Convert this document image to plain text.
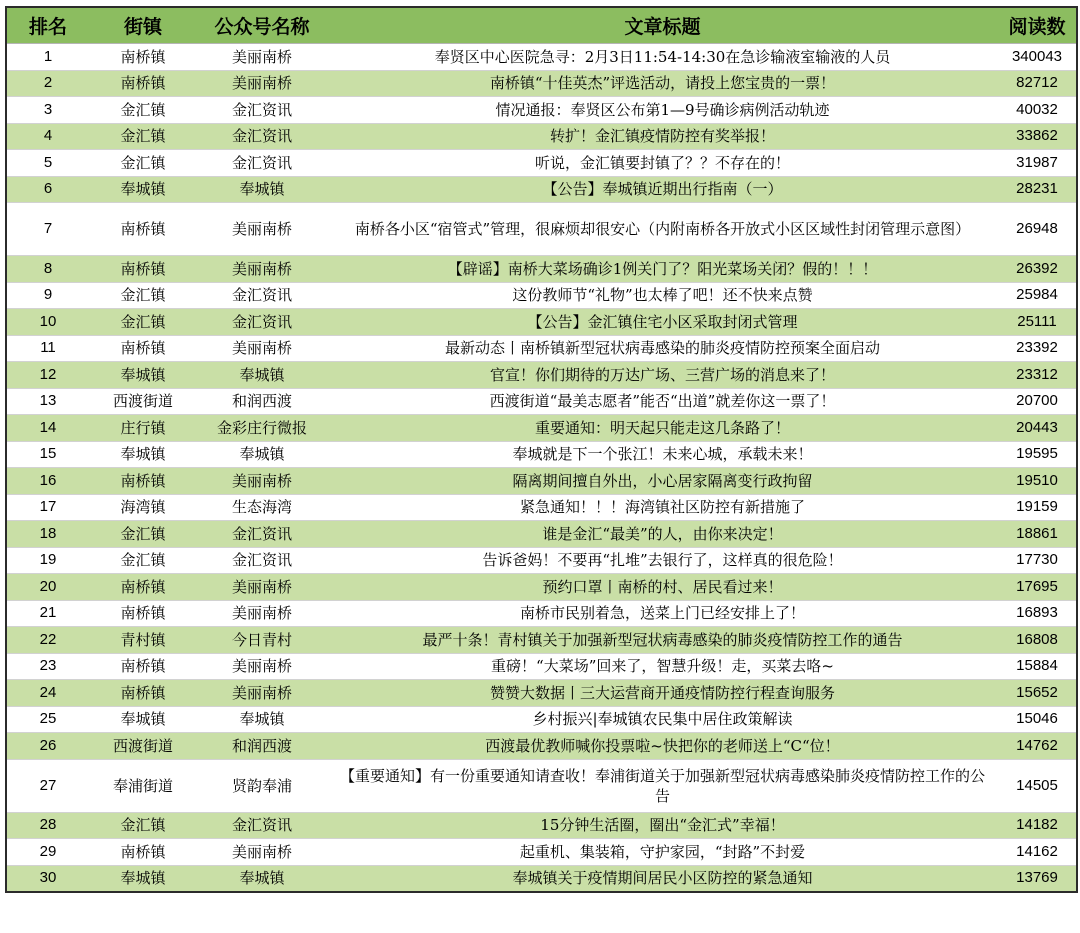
排名	街镇	公众号名称	文章标题	阅读数
1	南桥镇	美丽南桥	奉贤区中心医院急寻：2月3日11:54-14:30在急诊输液室输液的人员	340043
2	南桥镇	美丽南桥	南桥镇“十佳英杰”评选活动，请投上您宝贵的一票！	82712
3	金汇镇	金汇资讯	情况通报：奉贤区公布第1—9号确诊病例活动轨迹	40032
4	金汇镇	金汇资讯	转扩！金汇镇疫情防控有奖举报！	33862
5	金汇镇	金汇资讯	听说，金汇镇要封镇了？？不存在的！	31987
6	奉城镇	奉城镇	【公告】奉城镇近期出行指南（一）	28231
7	南桥镇	美丽南桥	南桥各小区“宿管式”管理，很麻烦却很安心（内附南桥各开放式小区区域性封闭管理示意图）	26948
8	南桥镇	美丽南桥	【辟谣】南桥大菜场确诊1例关门了？阳光菜场关闭？假的！！！	26392
9	金汇镇	金汇资讯	这份教师节“礼物”也太棒了吧！还不快来点赞	25984
10	金汇镇	金汇资讯	【公告】金汇镇住宅小区采取封闭式管理	25111
11	南桥镇	美丽南桥	最新动态丨南桥镇新型冠状病毒感染的肺炎疫情防控预案全面启动	23392
12	奉城镇	奉城镇	官宣！你们期待的万达广场、三营广场的消息来了！	23312
13	西渡街道	和润西渡	西渡街道“最美志愿者”能否“出道”就差你这一票了！	20700
14	庄行镇	金彩庄行微报	重要通知：明天起只能走这几条路了！	20443
15	奉城镇	奉城镇	奉城就是下一个张江！未来心城，承载未来！	19595
16	南桥镇	美丽南桥	隔离期间擅自外出，小心居家隔离变行政拘留	19510
17	海湾镇	生态海湾	紧急通知！！！海湾镇社区防控有新措施了	19159
18	金汇镇	金汇资讯	谁是金汇“最美”的人，由你来决定！	18861
19	金汇镇	金汇资讯	告诉爸妈！不要再“扎堆”去银行了，这样真的很危险！	17730
20	南桥镇	美丽南桥	预约口罩丨南桥的村、居民看过来！	17695
21	南桥镇	美丽南桥	南桥市民别着急，送菜上门已经安排上了！	16893
22	青村镇	今日青村	最严十条！青村镇关于加强新型冠状病毒感染的肺炎疫情防控工作的通告	16808
23	南桥镇	美丽南桥	重磅！“大菜场”回来了，智慧升级！走，买菜去咯~	15884
24	南桥镇	美丽南桥	赞赞大数据丨三大运营商开通疫情防控行程查询服务	15652
25	奉城镇	奉城镇	乡村振兴|奉城镇农民集中居住政策解读	15046
26	西渡街道	和润西渡	西渡最优教师喊你投票啦~快把你的老师送上“C“位！	14762
27	奉浦街道	贤韵奉浦	【重要通知】有一份重要通知请查收！奉浦街道关于加强新型冠状病毒感染肺炎疫情防控工作的公告	14505
28	金汇镇	金汇资讯	15分钟生活圈，圈出“金汇式”幸福！	14182
29	南桥镇	美丽南桥	起重机、集装箱，守护家园，“封路”不封爱	14162
30	奉城镇	奉城镇	奉城镇关于疫情期间居民小区防控的紧急通知	13769
